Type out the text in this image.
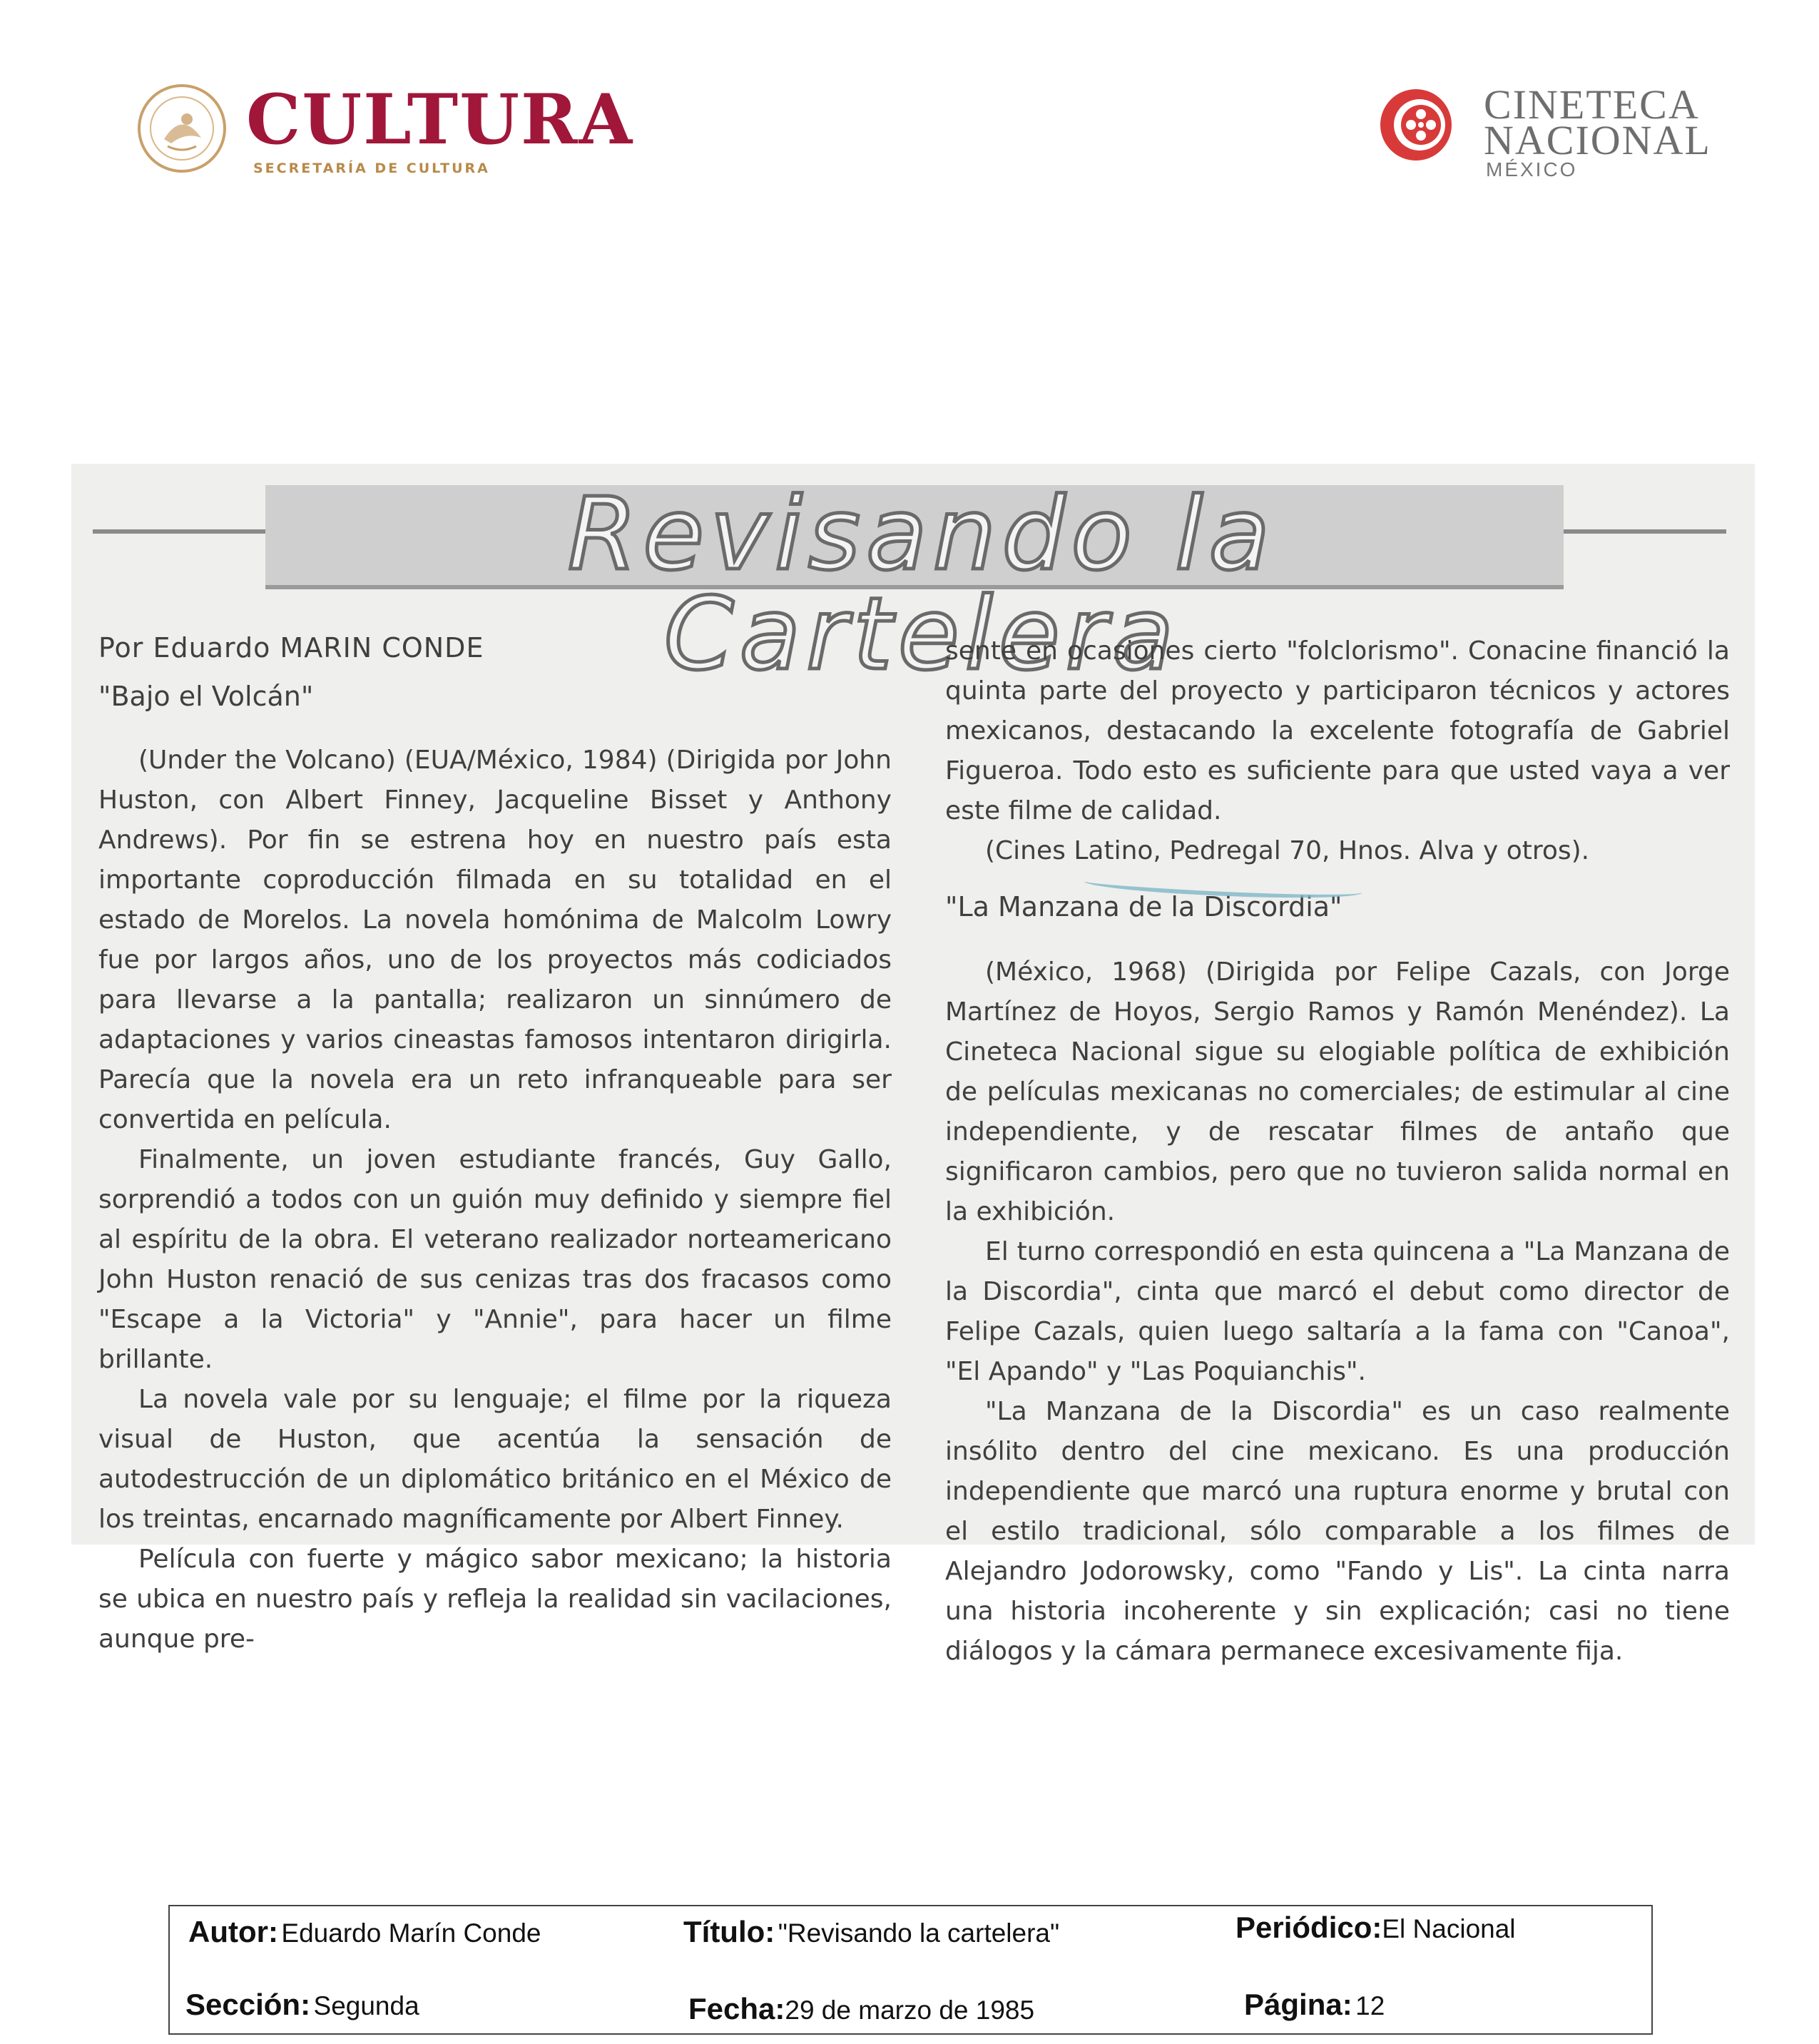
CULTURA
SECRETARÍA DE CULTURA
CINETECA
NACIONAL
MÉXICO
Revisando la Cartelera

Por Eduardo MARIN CONDE

"Bajo el Volcán"

(Under the Volcano) (EUA/México, 1984) (Dirigida por John Huston, con Albert Finney, Jacqueline Bisset y Anthony Andrews). Por fin se estrena hoy en nuestro país esta importante coproducción filmada en su totalidad en el estado de Morelos. La novela homónima de Malcolm Lowry fue por largos años, uno de los proyectos más codiciados para llevarse a la pantalla; realizaron un sinnúmero de adaptaciones y varios cineastas famosos intentaron dirigirla. Parecía que la novela era un reto infranqueable para ser convertida en película.

Finalmente, un joven estudiante francés, Guy Gallo, sorprendió a todos con un guión muy definido y siempre fiel al espíritu de la obra. El veterano realizador norteamericano John Huston renació de sus cenizas tras dos fracasos como "Escape a la Victoria" y "Annie", para hacer un filme brillante.

La novela vale por su lenguaje; el filme por la riqueza visual de Huston, que acentúa la sensación de autodestrucción de un diplomático británico en el México de los treintas, encarnado magníficamente por Albert Finney.

Película con fuerte y mágico sabor mexicano; la historia se ubica en nuestro país y refleja la realidad sin vacilaciones, aunque pre-

sente en ocasiones cierto "folclorismo". Conacine financió la quinta parte del proyecto y participaron técnicos y actores mexicanos, destacando la excelente fotografía de Gabriel Figueroa. Todo esto es suficiente para que usted vaya a ver este filme de calidad.

(Cines Latino, Pedregal 70, Hnos. Alva y otros).

"La Manzana de la Discordia"

(México, 1968) (Dirigida por Felipe Cazals, con Jorge Martínez de Hoyos, Sergio Ramos y Ramón Menéndez). La Cineteca Nacional sigue su elogiable política de exhibición de películas mexicanas no comerciales; de estimular al cine independiente, y de rescatar filmes de antaño que significaron cambios, pero que no tuvieron salida normal en la exhibición.

El turno correspondió en esta quincena a "La Manzana de la Discordia", cinta que marcó el debut como director de Felipe Cazals, quien luego saltaría a la fama con "Canoa", "El Apando" y "Las Poquianchis".

"La Manzana de la Discordia" es un caso realmente insólito dentro del cine mexicano. Es una producción independiente que marcó una ruptura enorme y brutal con el estilo tradicional, sólo comparable a los filmes de Alejandro Jodorowsky, como "Fando y Lis". La cinta narra una historia incoherente y sin explicación; casi no tiene diálogos y la cámara permanece excesivamente fija.

Autor: Eduardo Marín Conde	Título: "Revisando la cartelera"	Periódico:El Nacional
Sección: Segunda	Fecha:29 de marzo de 1985	Página: 12
